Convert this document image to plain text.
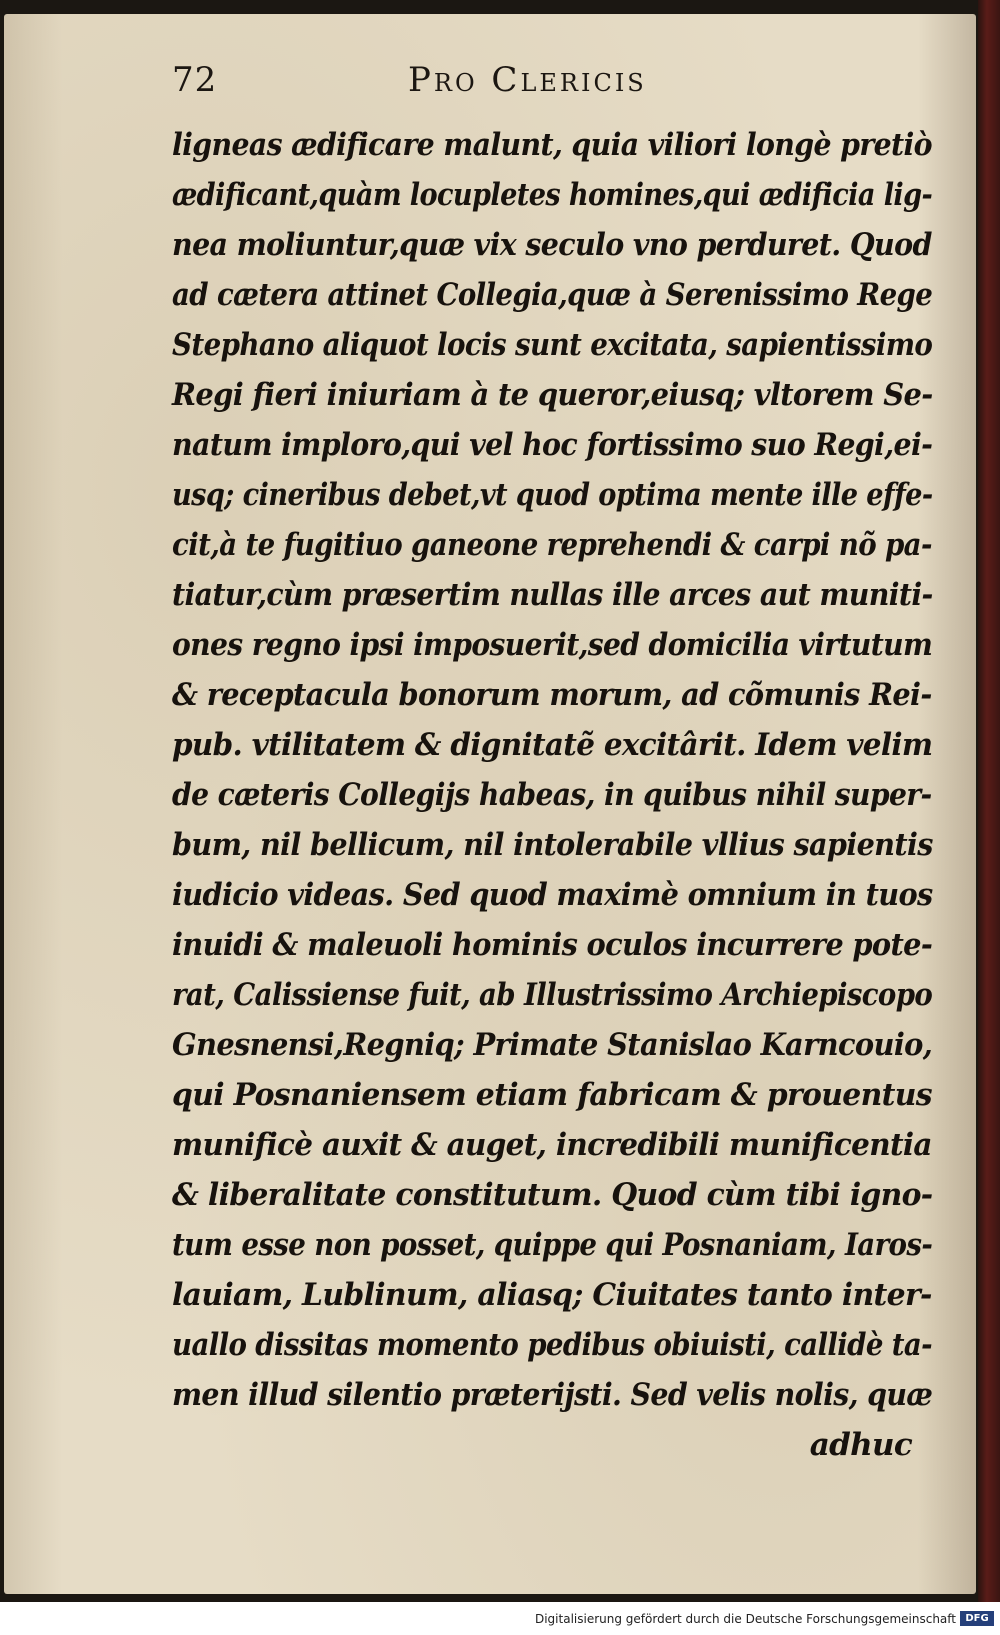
72	Pro Clericis
ligneas ædificare malunt, quia viliori longè pretiò
ædificant,quàm locupletes homines,qui ædificia lig-
nea moliuntur,quæ vix seculo vno perduret. Quod
ad cætera attinet Collegia,quæ à Serenissimo Rege
Stephano aliquot locis sunt excitata, sapientissimo
Regi fieri iniuriam à te queror,eiusq; vltorem Se-
natum imploro,qui vel hoc fortissimo suo Regi,ei-
usq; cineribus debet,vt quod optima mente ille effe-
cit,à te fugitiuo ganeone reprehendi & carpi nõ pa-
tiatur,cùm præsertim nullas ille arces aut muniti-
ones regno ipsi imposuerit,sed domicilia virtutum
& receptacula bonorum morum, ad cõmunis Rei-
pub. vtilitatem & dignitatẽ excitârit. Idem velim
de cæteris Collegijs habeas, in quibus nihil super-
bum, nil bellicum, nil intolerabile vllius sapientis
iudicio videas. Sed quod maximè omnium in tuos
inuidi & maleuoli hominis oculos incurrere pote-
rat, Calissiense fuit, ab Illustrissimo Archiepiscopo
Gnesnensi,Regniq; Primate Stanislao Karncouio,
qui Posnaniensem etiam fabricam & prouentus
munificè auxit & auget, incredibili munificentia
& liberalitate constitutum. Quod cùm tibi igno-
tum esse non posset, quippe qui Posnaniam, Iaros-
lauiam, Lublinum, aliasq; Ciuitates tanto inter-
uallo dissitas momento pedibus obiuisti, callidè ta-
men illud silentio præterijsti. Sed velis nolis, quæ
adhuc
Digitalisierung gefördert durch die Deutsche Forschungsgemeinschaft DFG
